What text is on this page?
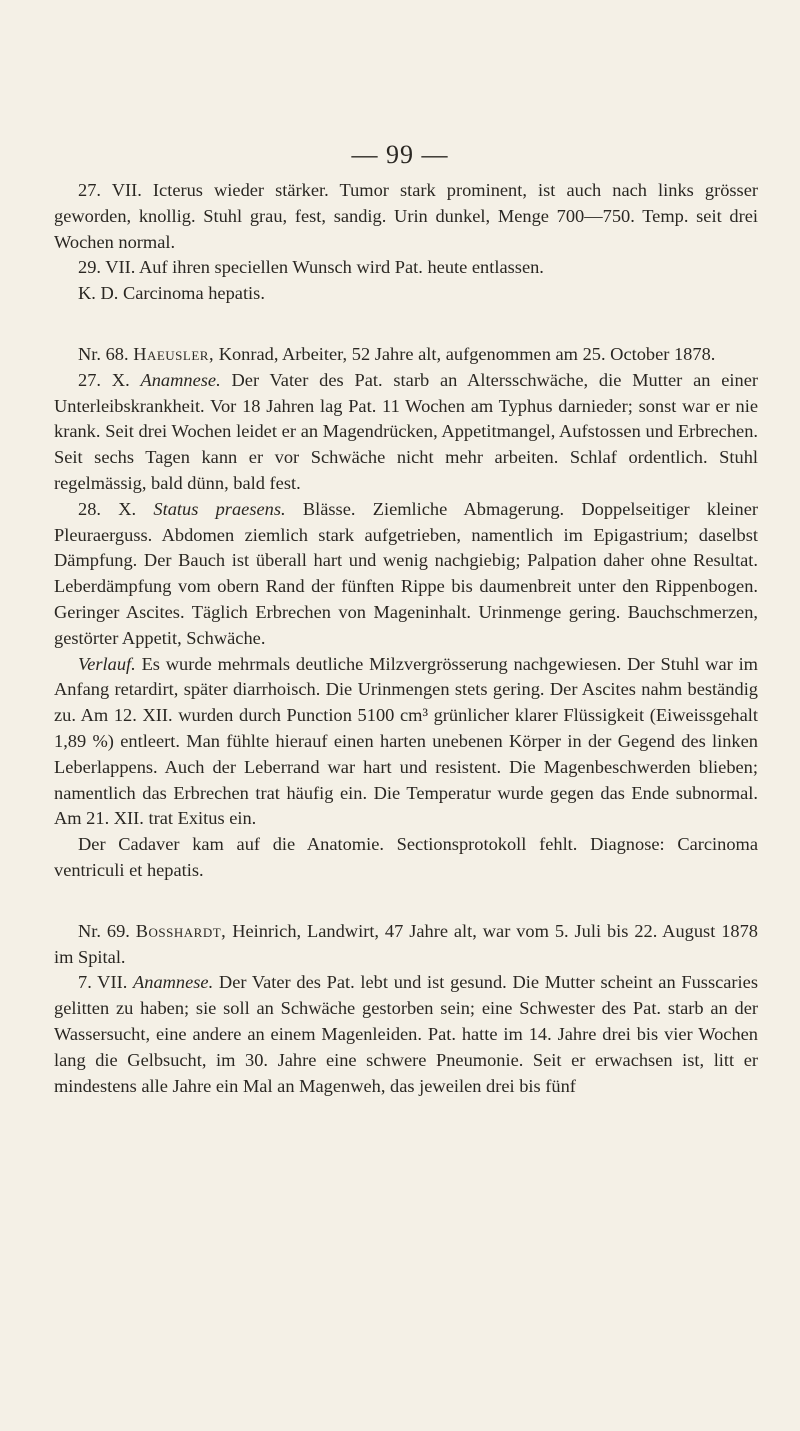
— 99 —

27. VII. Icterus wieder stärker. Tumor stark prominent, ist auch nach links grösser geworden, knollig. Stuhl grau, fest, sandig. Urin dunkel, Menge 700—750. Temp. seit drei Wochen normal.

29. VII. Auf ihren speciellen Wunsch wird Pat. heute entlassen.

K. D. Carcinoma hepatis.

Nr. 68. Haeusler, Konrad, Arbeiter, 52 Jahre alt, aufgenommen am 25. October 1878.

27. X. Anamnese. Der Vater des Pat. starb an Altersschwäche, die Mutter an einer Unterleibskrankheit. Vor 18 Jahren lag Pat. 11 Wochen am Typhus darnieder; sonst war er nie krank. Seit drei Wochen leidet er an Magendrücken, Appetitmangel, Aufstossen und Erbrechen. Seit sechs Tagen kann er vor Schwäche nicht mehr arbeiten. Schlaf ordentlich. Stuhl regelmässig, bald dünn, bald fest.

28. X. Status praesens. Blässe. Ziemliche Abmagerung. Doppelseitiger kleiner Pleuraerguss. Abdomen ziemlich stark aufgetrieben, namentlich im Epigastrium; daselbst Dämpfung. Der Bauch ist überall hart und wenig nachgiebig; Palpation daher ohne Resultat. Leberdämpfung vom obern Rand der fünften Rippe bis daumenbreit unter den Rippenbogen. Geringer Ascites. Täglich Erbrechen von Mageninhalt. Urinmenge gering. Bauchschmerzen, gestörter Appetit, Schwäche.

Verlauf. Es wurde mehrmals deutliche Milzvergrösserung nachgewiesen. Der Stuhl war im Anfang retardirt, später diarrhoisch. Die Urinmengen stets gering. Der Ascites nahm beständig zu. Am 12. XII. wurden durch Punction 5100 cm³ grünlicher klarer Flüssigkeit (Eiweissgehalt 1,89 %) entleert. Man fühlte hierauf einen harten unebenen Körper in der Gegend des linken Leberlappens. Auch der Leberrand war hart und resistent. Die Magenbeschwerden blieben; namentlich das Erbrechen trat häufig ein. Die Temperatur wurde gegen das Ende subnormal. Am 21. XII. trat Exitus ein.

Der Cadaver kam auf die Anatomie. Sectionsprotokoll fehlt. Diagnose: Carcinoma ventriculi et hepatis.

Nr. 69. Bosshardt, Heinrich, Landwirt, 47 Jahre alt, war vom 5. Juli bis 22. August 1878 im Spital.

7. VII. Anamnese. Der Vater des Pat. lebt und ist gesund. Die Mutter scheint an Fusscaries gelitten zu haben; sie soll an Schwäche gestorben sein; eine Schwester des Pat. starb an der Wassersucht, eine andere an einem Magenleiden. Pat. hatte im 14. Jahre drei bis vier Wochen lang die Gelbsucht, im 30. Jahre eine schwere Pneumonie. Seit er erwachsen ist, litt er mindestens alle Jahre ein Mal an Magenweh, das jeweilen drei bis fünf
